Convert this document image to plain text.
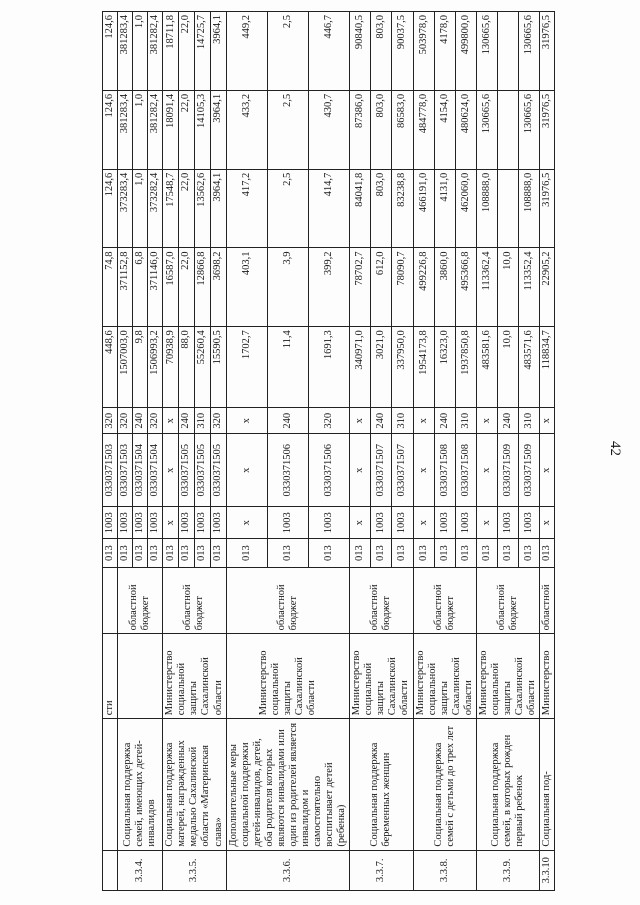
		сти		013	1003	0330371503	320	448,6	74,8	124,6	124,6	124,6
3.3.4.	Социальная поддержка семей, имеющих детей-инвалидов		областной бюджет	013	1003	0330371503	320	1507003,0	371152,8	373283,4	381283,4	381283,4
				013	1003	0330371504	240	9,8	6,8	1,0	1,0	1,0
				013	1003	0330371504	320	1506993,2	371146,0	373282,4	381282,4	381282,4
3.3.5.	Социальная поддержка матерей, награжденных медалью Сахалинской области «Материнская слава»	Министерство социальной защиты Сахалинской области	областной бюджет	013	x	x	x	70938,9	16587,0	17548,7	18091,4	18711,8
				013	1003	0330371505	240	88,0	22,0	22,0	22,0	22,0
				013	1003	0330371505	310	55260,4	12866,8	13562,6	14105,3	14725,7
				013	1003	0330371505	320	15590,5	3698,2	3964,1	3964,1	3964,1
3.3.6.	Дополнительные меры социальной поддержки детей-инвалидов, детей, оба родителя которых являются инвалидами или один из родителей является инвалидом и самостоятельно воспитывает детей (ребенка)	Министерство социальной защиты Сахалинской области	областной бюджет	013	x	x	x	1702,7	403,1	417,2	433,2	449,2
				013	1003	0330371506	240	11,4	3,9	2,5	2,5	2,5
				013	1003	0330371506	320	1691,3	399,2	414,7	430,7	446,7
3.3.7.	Социальная поддержка беременных женщин	Министерство социальной защиты Сахалинской области	областной бюджет	013	x	x	x	340971,0	78702,7	84041,8	87386,0	90840,5
				013	1003	0330371507	240	3021,0	612,0	803,0	803,0	803,0
				013	1003	0330371507	310	337950,0	78090,7	83238,8	86583,0	90037,5
3.3.8.	Социальная поддержка семей с детьми до трех лет	Министерство социальной защиты Сахалинской области	областной бюджет	013	x	x	x	1954173,8	499226,8	466191,0	484778,0	503978,0
				013	1003	0330371508	240	16323,0	3860,0	4131,0	4154,0	4178,0
				013	1003	0330371508	310	1937850,8	495366,8	462060,0	480624,0	499800,0
3.3.9.	Социальная поддержка семей, в которых рожден первый ребенок	Министерство социальной защиты Сахалинской области	областной бюджет	013	x	x	x	483581,6	113362,4	108888,0	130665,6	130665,6
				013	1003	0330371509	240	10,0	10,0			
				013	1003	0330371509	310	483571,6	113352,4	108888,0	130665,6	130665,6
3.3.10	Социальная под-	Министерство	областной	013	x	x	x	118834,7	22905,2	31976,5	31976,5	31976,5
42
